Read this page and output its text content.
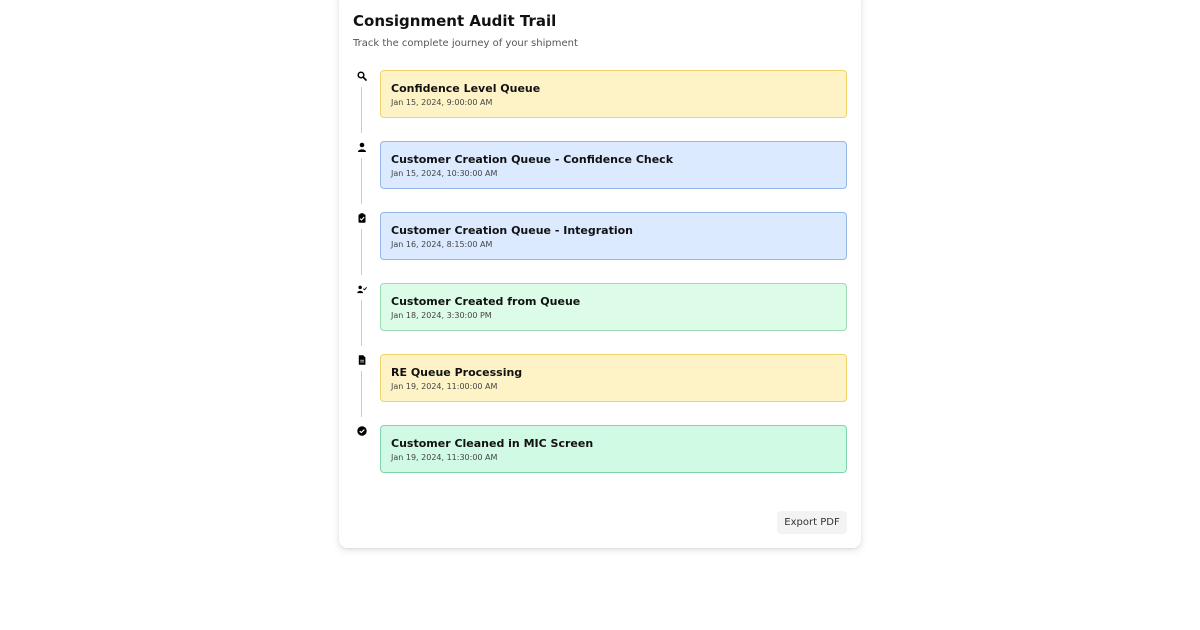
Consignment Audit Trail

Track the complete journey of your shipment

Confidence Level Queue
Jan 15, 2024, 9:00:00 AM
Customer Creation Queue - Confidence Check
Jan 15, 2024, 10:30:00 AM
Customer Creation Queue - Integration
Jan 16, 2024, 8:15:00 AM
Customer Created from Queue
Jan 18, 2024, 3:30:00 PM
RE Queue Processing
Jan 19, 2024, 11:00:00 AM
Customer Cleaned in MIC Screen
Jan 19, 2024, 11:30:00 AM
Export PDF
